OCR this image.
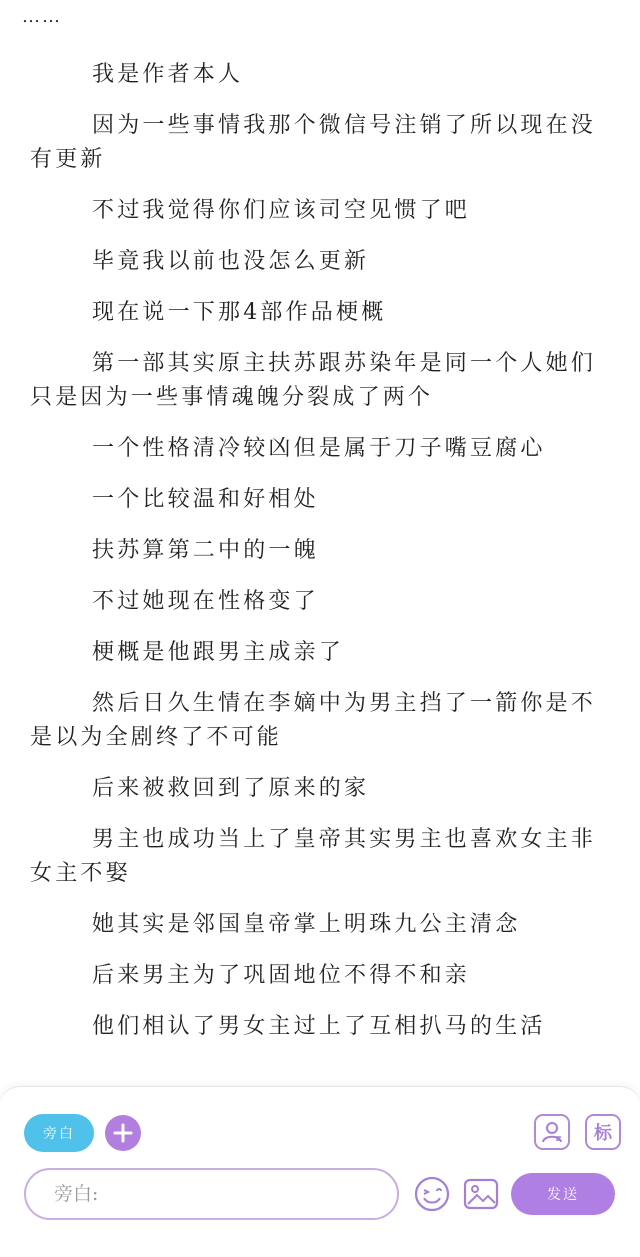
……

我是作者本人

因为一些事情我那个微信号注销了所以现在没有更新

不过我觉得你们应该司空见惯了吧

毕竟我以前也没怎么更新

现在说一下那4部作品梗概

第一部其实原主扶苏跟苏染年是同一个人她们只是因为一些事情魂魄分裂成了两个

一个性格清冷较凶但是属于刀子嘴豆腐心

一个比较温和好相处

扶苏算第二中的一魄

不过她现在性格变了

梗概是他跟男主成亲了

然后日久生情在李嫡中为男主挡了一箭你是不是以为全剧终了不可能

后来被救回到了原来的家

男主也成功当上了皇帝其实男主也喜欢女主非女主不娶

她其实是邻国皇帝掌上明珠九公主清念

后来男主为了巩固地位不得不和亲

他们相认了男女主过上了互相扒马的生活

旁白	标
旁白:
发送
